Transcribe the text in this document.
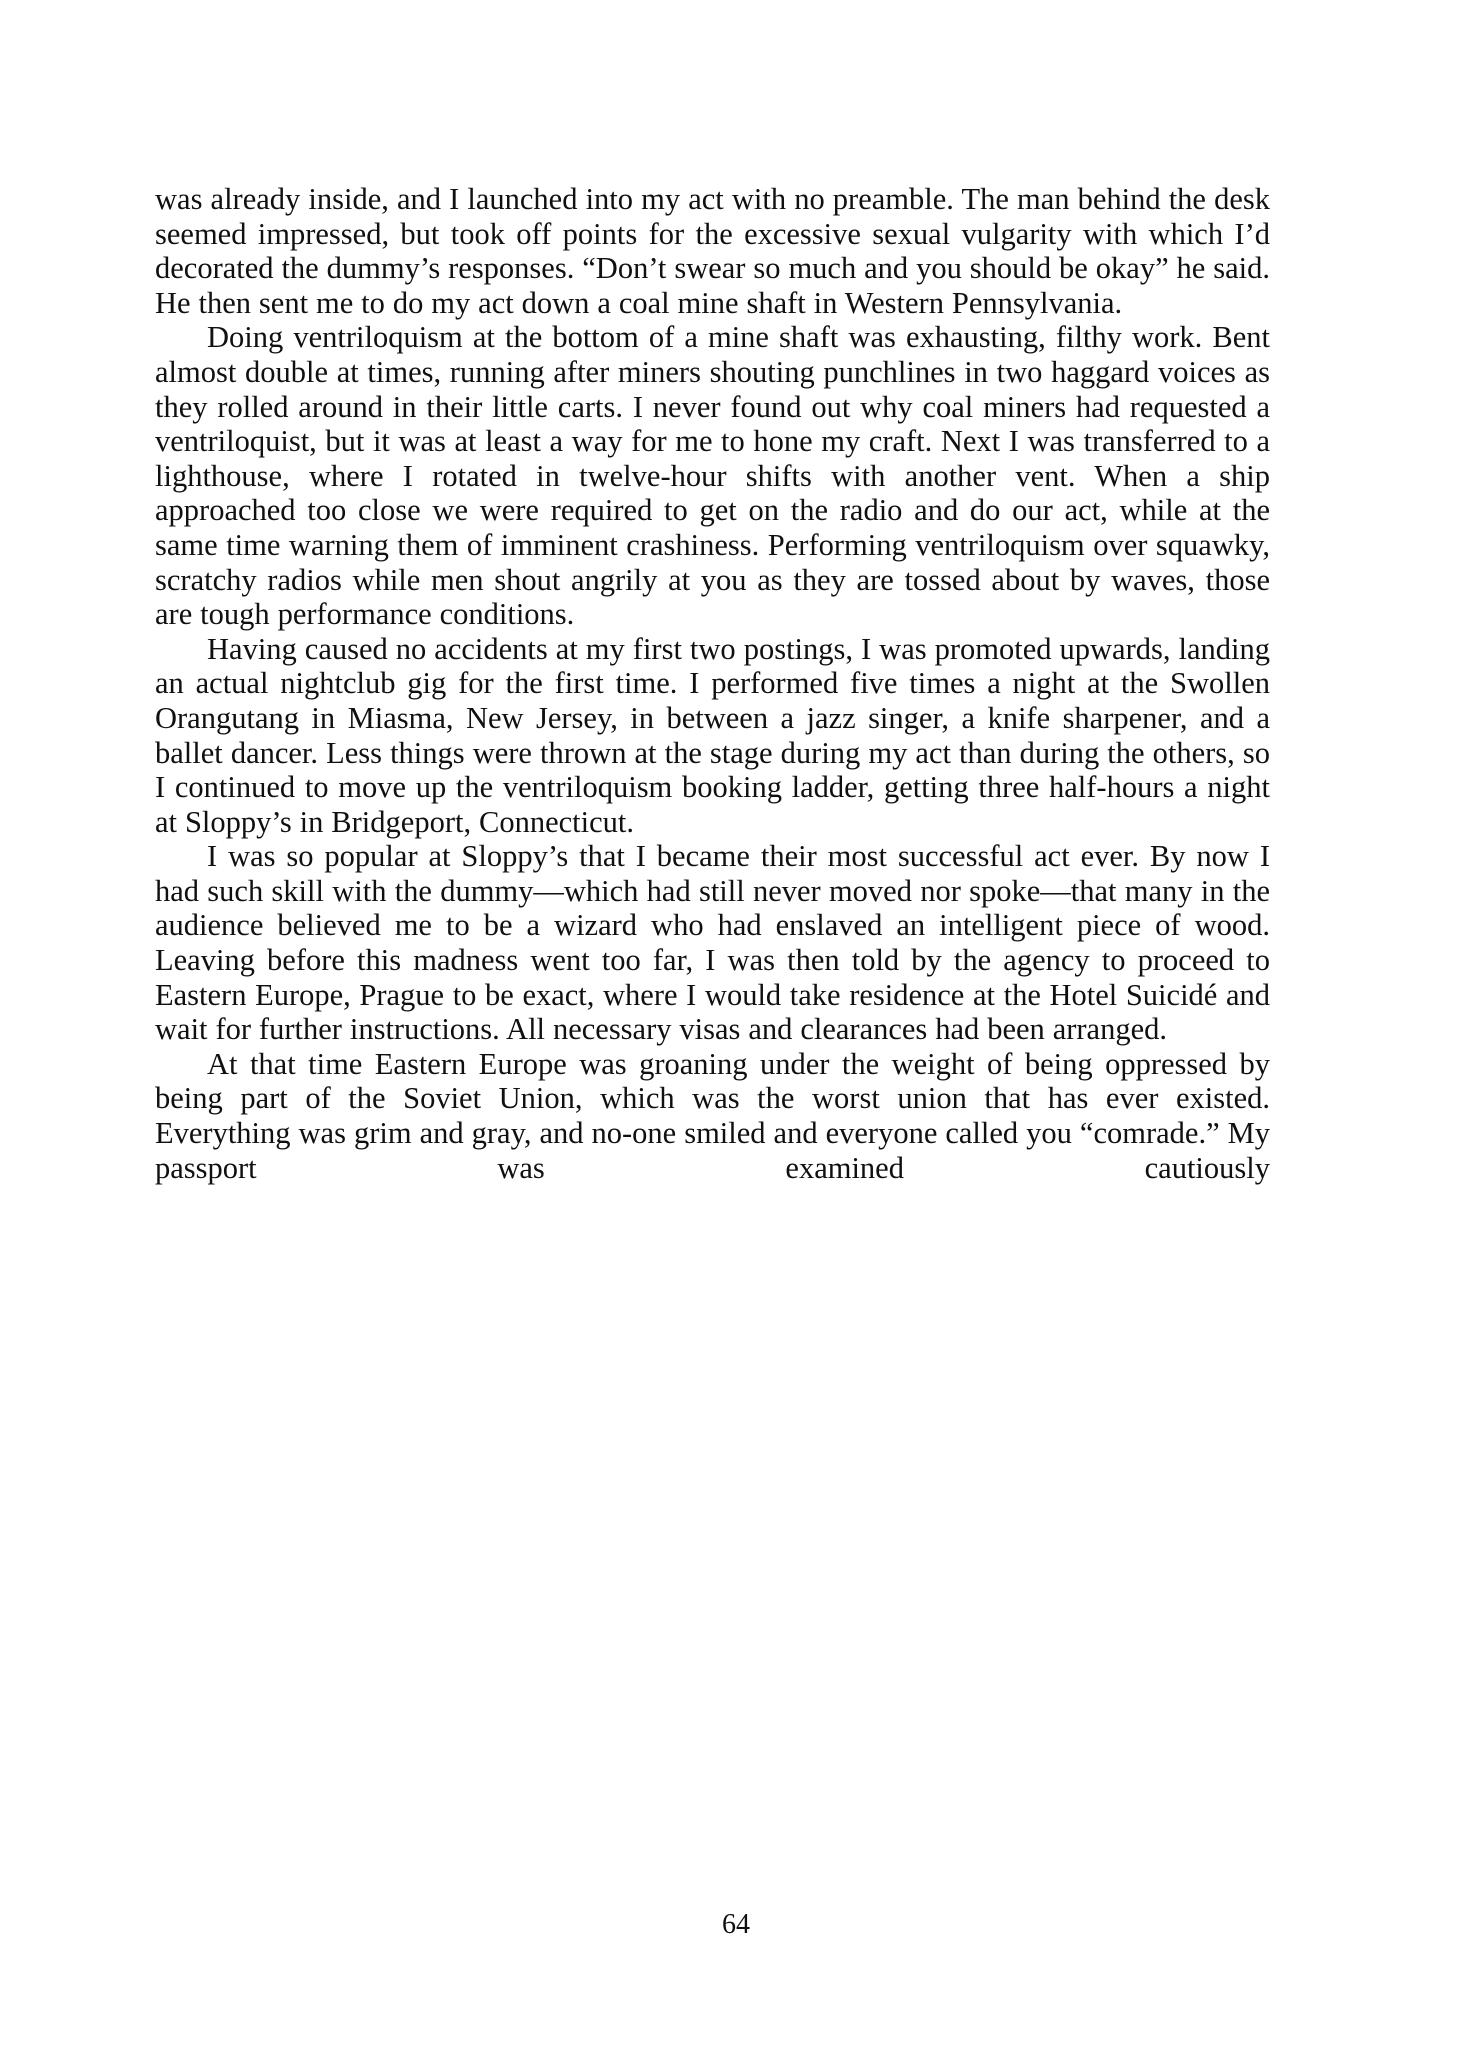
was already inside, and I launched into my act with no preamble. The man behind the desk seemed impressed, but took off points for the excessive sexual vulgarity with which I’d decorated the dummy’s responses. “Don’t swear so much and you should be okay” he said. He then sent me to do my act down a coal mine shaft in Western Pennsylvania.

Doing ventriloquism at the bottom of a mine shaft was exhausting, filthy work. Bent almost double at times, running after miners shouting punchlines in two haggard voices as they rolled around in their little carts. I never found out why coal miners had requested a ventriloquist, but it was at least a way for me to hone my craft. Next I was transferred to a lighthouse, where I rotated in twelve-hour shifts with another vent. When a ship approached too close we were required to get on the radio and do our act, while at the same time warning them of imminent crashiness. Performing ventriloquism over squawky, scratchy radios while men shout angrily at you as they are tossed about by waves, those are tough performance conditions.

Having caused no accidents at my first two postings, I was promoted upwards, landing an actual nightclub gig for the first time. I performed five times a night at the Swollen Orangutang in Miasma, New Jersey, in between a jazz singer, a knife sharpener, and a ballet dancer. Less things were thrown at the stage during my act than during the others, so I continued to move up the ventriloquism booking ladder, getting three half-hours a night at Sloppy’s in Bridgeport, Connecticut.

I was so popular at Sloppy’s that I became their most successful act ever. By now I had such skill with the dummy—which had still never moved nor spoke—that many in the audience believed me to be a wizard who had enslaved an intelligent piece of wood. Leaving before this madness went too far, I was then told by the agency to proceed to Eastern Europe, Prague to be exact, where I would take residence at the Hotel Suicidé and wait for further instructions. All necessary visas and clearances had been arranged.

At that time Eastern Europe was groaning under the weight of being oppressed by being part of the Soviet Union, which was the worst union that has ever existed. Everything was grim and gray, and no-one smiled and everyone called you “comrade.” My passport was examined cautiously

64
